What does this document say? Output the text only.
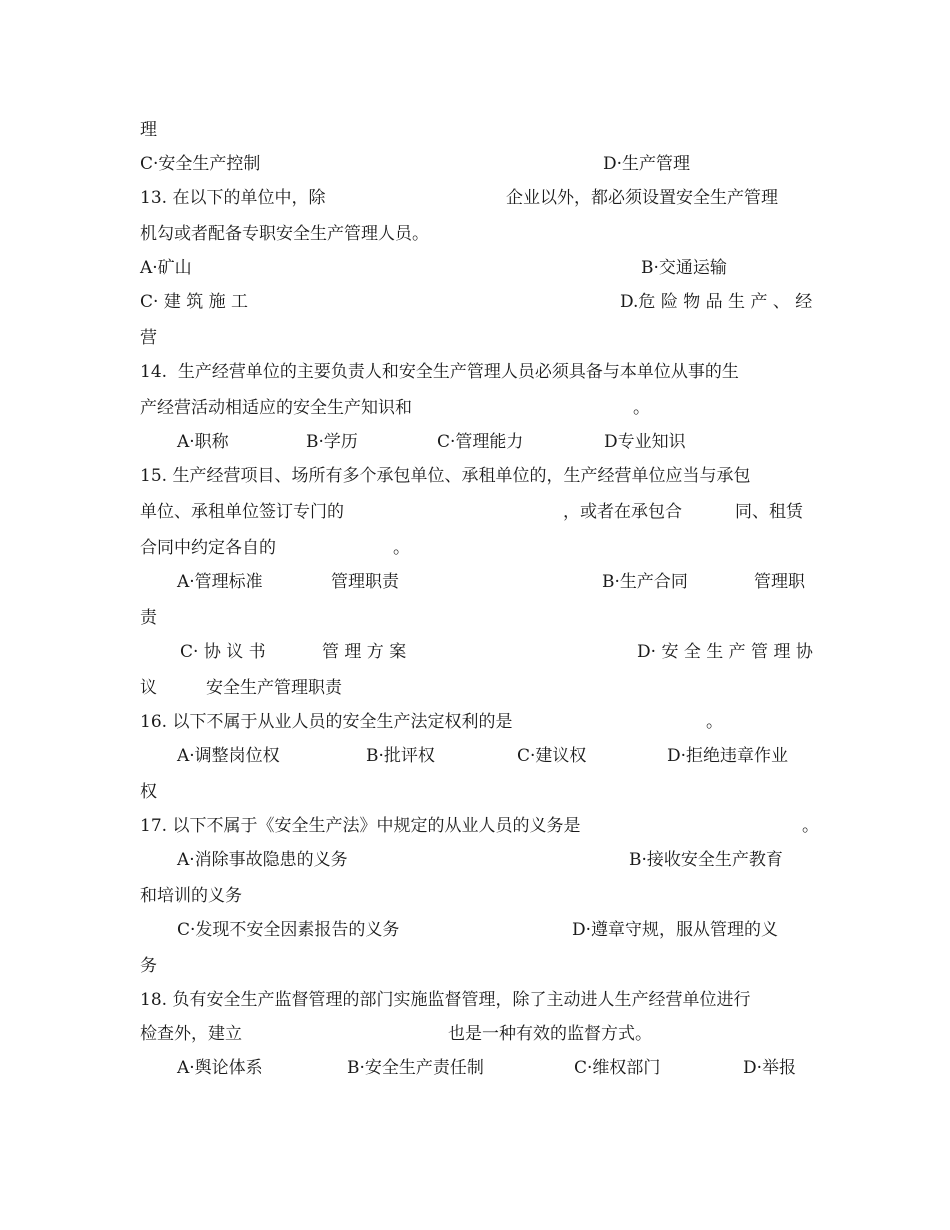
理

C·安全生产控制	D·生产管理

13. 在以下的单位中，除	企业以外，都必须设置安全生产管理

机勾或者配备专职安全生产管理人员。

A·矿山	B·交通运输

C· 建 筑 施 工	D.危 险 物 品 生 产 、 经

营

14.  生产经营单位的主要负责人和安全生产管理人员必须具备与本单位从事的生

产经营活动相适应的安全生产知识和	。

A·职称	B·学历	C·管理能力	D专业知识

15. 生产经营项目、场所有多个承包单位、承租单位的，生产经营单位应当与承包

单位、承租单位签订专门的	，或者在承包合	同、租赁

合同中约定各自的	。

A·管理标准	管理职责	B·生产合同	管理职

责

C· 协 议 书	管 理 方 案	D· 安 全 生 产 管 理 协

议	安全生产管理职责

16. 以下不属于从业人员的安全生产法定权利的是	。

A·调整岗位权	B·批评权	C·建议权	D·拒绝违章作业

权

17. 以下不属于《安全生产法》中规定的从业人员的义务是	。

A·消除事故隐患的义务	B·接收安全生产教育

和培训的义务

C·发现不安全因素报告的义务	D·遵章守规，服从管理的义

务

18. 负有安全生产监督管理的部门实施监督管理，除了主动进人生产经营单位进行

检查外，建立	也是一种有效的监督方式。

A·舆论体系	B·安全生产责任制	C·维权部门	D·举报
